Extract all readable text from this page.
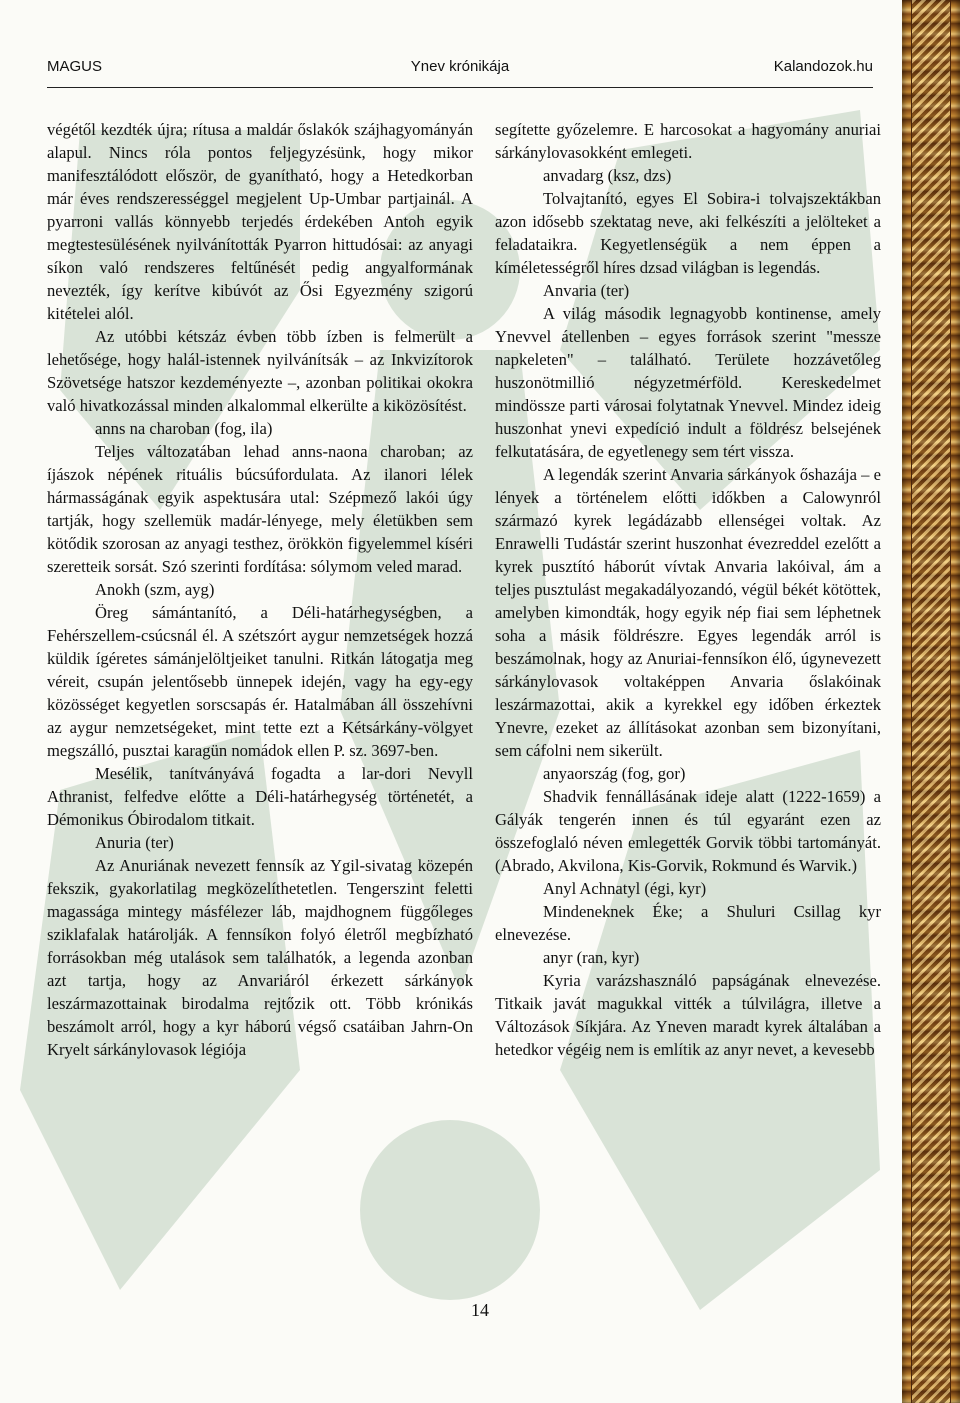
Ynev krónikája
MAGUS	Kalandozok.hu

végétől kezdték újra; rítusa a maldár őslakók szájhagyományán alapul. Nincs róla pontos feljegyzésünk, hogy mikor manifesztálódott először, de gyanítható, hogy a Hetedkorban már éves rendszerességgel megjelent Up-Umbar partjainál. A pyarroni vallás könnyebb terjedés érdekében Antoh egyik megtestesülésének nyilvánították Pyarron hittudósai: az anyagi síkon való rendszeres feltűnését pedig angyalformának nevezték, így kerítve kibúvót az Ősi Egyezmény szigorú kitételei alól.

Az utóbbi kétszáz évben több ízben is felmerült a lehetősége, hogy halál-istennek nyilvánítsák – az Inkvizítorok Szövetsége hatszor kezdeményezte –, azonban politikai okokra való hivatkozással minden alkalommal elkerülte a kiközösítést.

anns na charoban (fog, ila)

Teljes változatában lehad anns-naona charoban; az íjászok népének rituális búcsúfordulata. Az ilanori lélek hármasságának egyik aspektusára utal: Szépmező lakói úgy tartják, hogy szellemük madár-lényege, mely életükben sem kötődik szorosan az anyagi testhez, örökkön figyelemmel kíséri szeretteik sorsát. Szó szerinti fordítása: sólymom veled marad.

Anokh (szm, ayg)

Öreg sámántanító, a Déli-határhegységben, a Fehérszellem-csúcsnál él. A szétszórt aygur nemzetségek hozzá küldik ígéretes sámánjelöltjeiket tanulni. Ritkán látogatja meg véreit, csupán jelentősebb ünnepek idején, vagy ha egy-egy közösséget kegyetlen sorscsapás ér. Hatalmában áll összehívni az aygur nemzetségeket, mint tette ezt a Kétsárkány-völgyet megszálló, pusztai karagün nomádok ellen P. sz. 3697-ben.

Mesélik, tanítványává fogadta a lar-dori Nevyll Athranist, felfedve előtte a Déli-határhegység történetét, a Démonikus Óbirodalom titkait.

Anuria (ter)

Az Anuriának nevezett fennsík az Ygil-sivatag közepén fekszik, gyakorlatilag megközelíthetetlen. Tengerszint feletti magassága mintegy másfélezer láb, majdhognem függőleges sziklafalak határolják. A fennsíkon folyó életről megbízható forrásokban még utalások sem találhatók, a legenda azonban azt tartja, hogy az Anvariáról érkezett sárkányok leszármazottainak birodalma rejtőzik ott. Több krónikás beszámolt arról, hogy a kyr háború végső csatáiban Jahrn-On Kryelt sárkánylovasok légiója

segítette győzelemre. E harcosokat a hagyomány anuriai sárkánylovasokként emlegeti.

anvadarg (ksz, dzs)

Tolvajtanító, egyes El Sobira-i tolvajszektákban azon idősebb szektatag neve, aki felkészíti a jelölteket a feladataikra. Kegyetlenségük a nem éppen a kíméletességről híres dzsad világban is legendás.

Anvaria (ter)

A világ második legnagyobb kontinense, amely Ynevvel átellenben – egyes források szerint "messze napkeleten" – található. Területe hozzávetőleg huszonötmillió négyzetmérföld. Kereskedelmet mindössze parti városai folytatnak Ynevvel. Mindez ideig huszonhat ynevi expedíció indult a földrész belsejének felkutatására, de egyetlenegy sem tért vissza.

A legendák szerint Anvaria sárkányok őshazája – e lények a történelem előtti időkben a Calowynról származó kyrek legádázabb ellenségei voltak. Az Enrawelli Tudástár szerint huszonhat évezreddel ezelőtt a kyrek pusztító háborút vívtak Anvaria lakóival, ám a teljes pusztulást megakadályozandó, végül békét kötöttek, amelyben kimondták, hogy egyik nép fiai sem léphetnek soha a másik földrészre. Egyes legendák arról is beszámolnak, hogy az Anuriai-fennsíkon élő, úgynevezett sárkánylovasok voltaképpen Anvaria őslakóinak leszármazottai, akik a kyrekkel egy időben érkeztek Ynevre, ezeket az állításokat azonban sem bizonyítani, sem cáfolni nem sikerült.

anyaország (fog, gor)

Shadvik fennállásának ideje alatt (1222-1659) a Gályák tengerén innen és túl egyaránt ezen az összefoglaló néven emlegették Gorvik többi tartományát. (Abrado, Akvilona, Kis-Gorvik, Rokmund és Warvik.)

Anyl Achnatyl (égi, kyr)

Mindeneknek Éke; a Shuluri Csillag kyr elnevezése.

anyr (ran, kyr)

Kyria varázshasználó papságának elnevezése. Titkaik javát magukkal vitték a túlvilágra, illetve a Változások Síkjára. Az Yneven maradt kyrek általában a hetedkor végéig nem is említik az anyr nevet, a kevesebb

14
